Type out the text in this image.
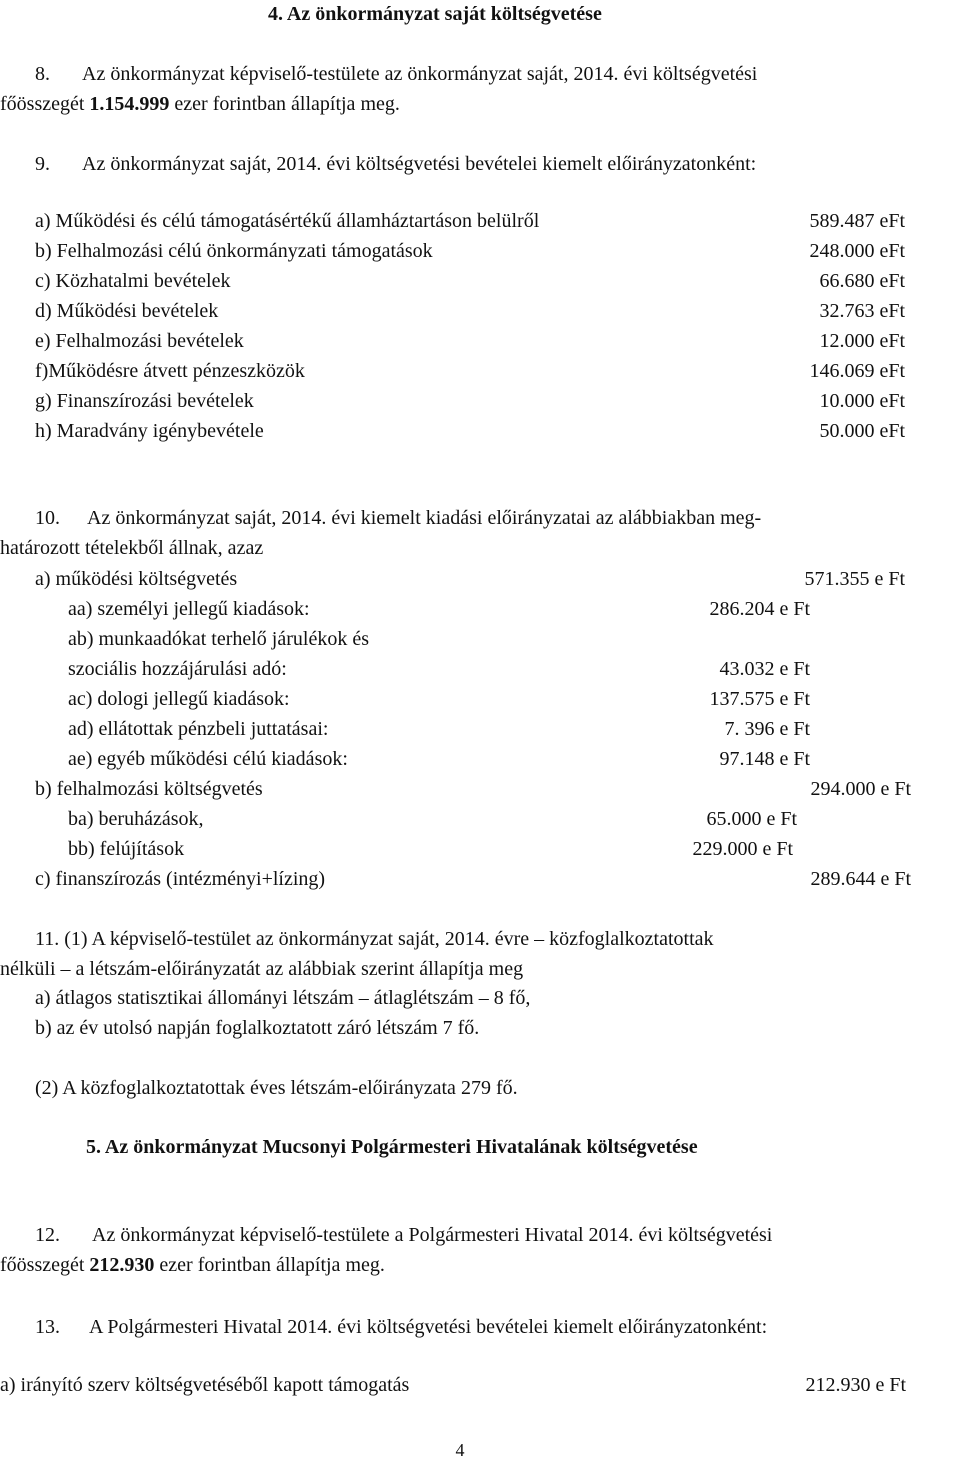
4. Az önkormányzat saját költségvetése
8. Az önkormányzat képviselő-testülete az önkormányzat saját, 2014. évi költségvetési
főösszegét 1.154.999 ezer forintban állapítja meg.
9. Az önkormányzat saját, 2014. évi költségvetési bevételei kiemelt előirányzatonként:
a) Működési és célú támogatásértékű államháztartáson belülről	589.487 eFt
b) Felhalmozási célú önkormányzati támogatások	248.000 eFt
c) Közhatalmi bevételek	66.680 eFt
d) Működési bevételek	32.763 eFt
e) Felhalmozási bevételek	12.000 eFt
f)Működésre átvett pénzeszközök	146.069 eFt
g) Finanszírozási bevételek	10.000 eFt
h) Maradvány igénybevétele	50.000 eFt
10. Az önkormányzat saját, 2014. évi kiemelt kiadási előirányzatai az alábbiakban meg-
határozott tételekből állnak, azaz
a) működési költségvetés	571.355 e Ft
aa) személyi jellegű kiadások:	286.204 e Ft
ab) munkaadókat terhelő járulékok és
szociális hozzájárulási adó:	43.032 e Ft
ac) dologi jellegű kiadások:	137.575 e Ft
ad) ellátottak pénzbeli juttatásai:	7. 396 e Ft
ae) egyéb működési célú kiadások:	97.148 e Ft
b) felhalmozási költségvetés	294.000 e Ft
ba) beruházások,	65.000 e Ft
bb) felújítások	229.000 e Ft
c) finanszírozás (intézményi+lízing)	289.644 e Ft
11. (1) A képviselő-testület az önkormányzat saját, 2014. évre ‒ közfoglalkoztatottak
nélküli ‒ a létszám-előirányzatát az alábbiak szerint állapítja meg
a) átlagos statisztikai állományi létszám ‒ átlaglétszám ‒ 8 fő,
b) az év utolsó napján foglalkoztatott záró létszám 7 fő.
(2) A közfoglalkoztatottak éves létszám-előirányzata 279 fő.
5. Az önkormányzat Mucsonyi Polgármesteri Hivatalának költségvetése
12. Az önkormányzat képviselő-testülete a Polgármesteri Hivatal 2014. évi költségvetési
főösszegét 212.930 ezer forintban állapítja meg.
13. A Polgármesteri Hivatal 2014. évi költségvetési bevételei kiemelt előirányzatonként:
a) irányító szerv költségvetéséből kapott támogatás	212.930 e Ft
4
